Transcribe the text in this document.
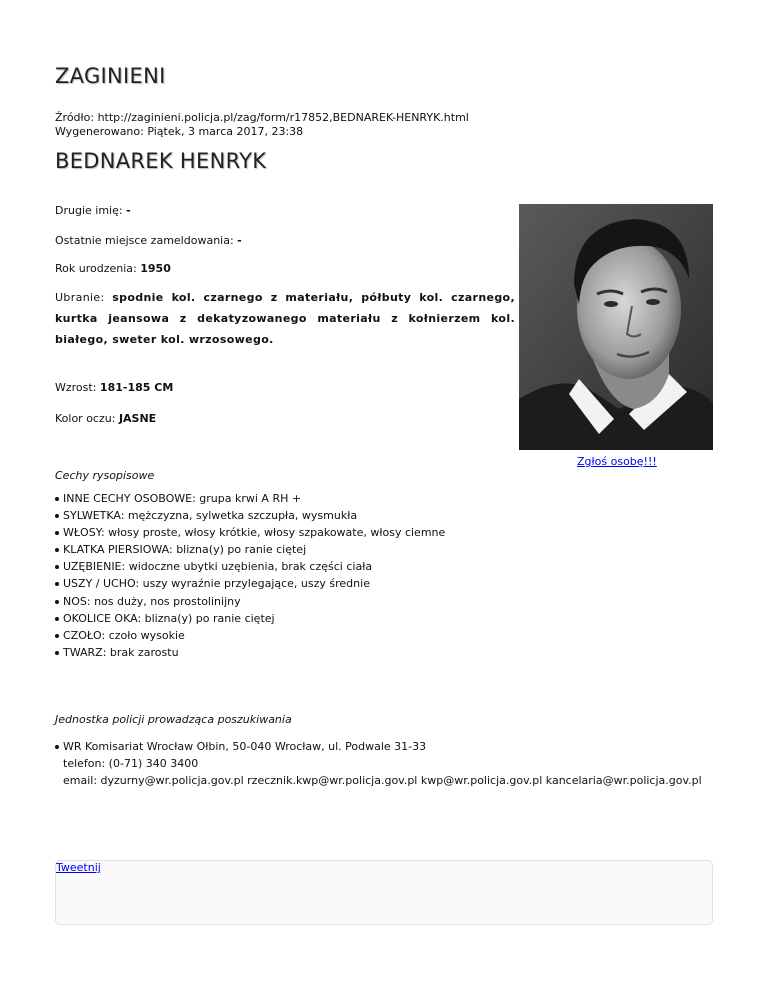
ZAGINIENI
Źródło: http://zaginieni.policja.pl/zag/form/r17852,BEDNAREK-HENRYK.html
Wygenerowano: Piątek, 3 marca 2017, 23:38
BEDNAREK HENRYK
Drugie imię: -
Ostatnie miejsce zameldowania: -
Rok urodzenia: 1950
Ubranie: spodnie kol. czarnego z materiału, półbuty kol. czarnego, kurtka jeansowa z dekatyzowanego materiału z kołnierzem kol. białego, sweter kol. wrzosowego.
Wzrost: 181-185 CM
Kolor oczu: JASNE
Zgłoś osobę!!!
Cechy rysopisowe
INNE CECHY OSOBOWE: grupa krwi A RH +
SYLWETKA: mężczyzna, sylwetka szczupła, wysmukła
WŁOSY: włosy proste, włosy krótkie, włosy szpakowate, włosy ciemne
KLATKA PIERSIOWA: blizna(y) po ranie ciętej
UZĘBIENIE: widoczne ubytki uzębienia, brak części ciała
USZY / UCHO: uszy wyraźnie przylegające, uszy średnie
NOS: nos duży, nos prostolinijny
OKOLICE OKA: blizna(y) po ranie ciętej
CZOŁO: czoło wysokie
TWARZ: brak zarostu
Jednostka policji prowadząca poszukiwania
WR Komisariat Wrocław Ołbin, 50-040 Wrocław, ul. Podwale 31-33
telefon: (0-71) 340 3400
email: dyzurny@wr.policja.gov.pl rzecznik.kwp@wr.policja.gov.pl kwp@wr.policja.gov.pl kancelaria@wr.policja.gov.pl
Tweetnij
